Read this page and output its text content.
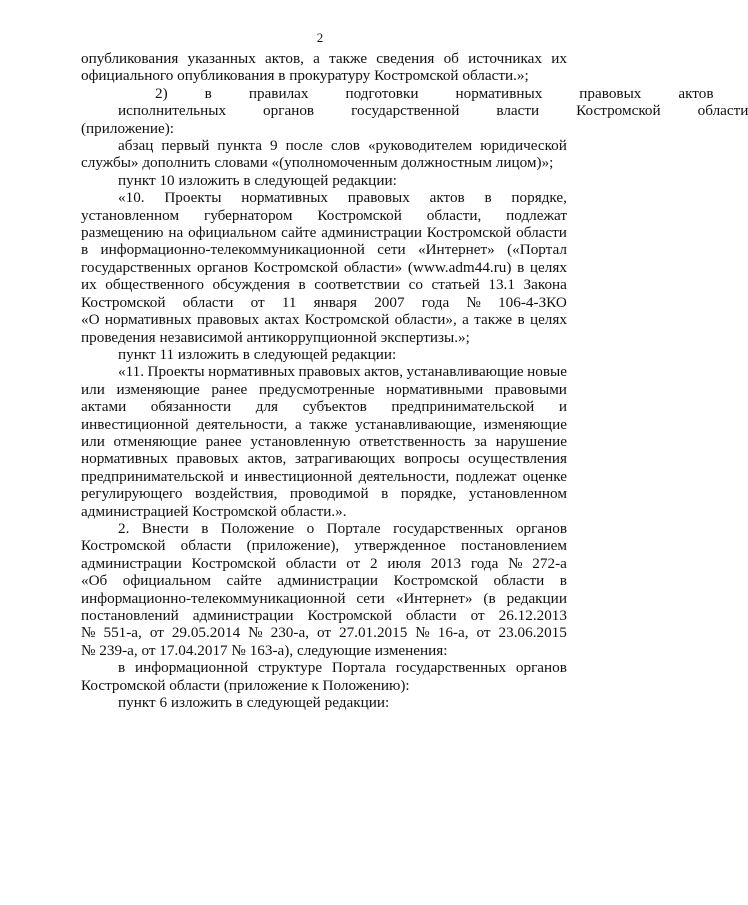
2
опубликования указанных актов, а также сведения об источниках их
официального опубликования в прокуратуру Костромской области.»;
2)	в	правилах	подготовки	нормативных	правовых	актов
исполнительных	органов	государственной	власти	Костромской	области
(приложение):
абзац первый пункта 9 после слов «руководителем юридической
службы» дополнить словами «(уполномоченным должностным лицом)»;
пункт 10 изложить в следующей редакции:
«10. Проекты нормативных правовых актов в порядке,
установленном губернатором Костромской области, подлежат
размещению на официальном сайте администрации Костромской области
в информационно-телекоммуникационной сети «Интернет» («Портал
государственных органов Костромской области» (www.adm44.ru) в целях
их общественного обсуждения в соответствии со статьей 13.1 Закона
Костромской области от 11 января 2007 года № 106-4-ЗКО
«О нормативных правовых актах Костромской области», а также в целях
проведения независимой антикоррупционной экспертизы.»;
пункт 11 изложить в следующей редакции:
«11. Проекты нормативных правовых актов, устанавливающие новые
или изменяющие ранее предусмотренные нормативными правовыми
актами обязанности для субъектов предпринимательской и
инвестиционной деятельности, а также устанавливающие, изменяющие
или отменяющие ранее установленную ответственность за нарушение
нормативных правовых актов, затрагивающих вопросы осуществления
предпринимательской и инвестиционной деятельности, подлежат оценке
регулирующего воздействия, проводимой в порядке, установленном
администрацией Костромской области.».
2. Внести в Положение о Портале государственных органов
Костромской области (приложение), утвержденное постановлением
администрации Костромской области от 2 июля 2013 года № 272-а
«Об официальном сайте администрации Костромской области в
информационно-телекоммуникационной сети «Интернет» (в редакции
постановлений администрации Костромской области от 26.12.2013
№ 551-а, от 29.05.2014 № 230-а, от 27.01.2015 № 16-а, от 23.06.2015
№ 239-а, от 17.04.2017 № 163-а), следующие изменения:
в информационной структуре Портала государственных органов
Костромской области (приложение к Положению):
пункт 6 изложить в следующей редакции:
